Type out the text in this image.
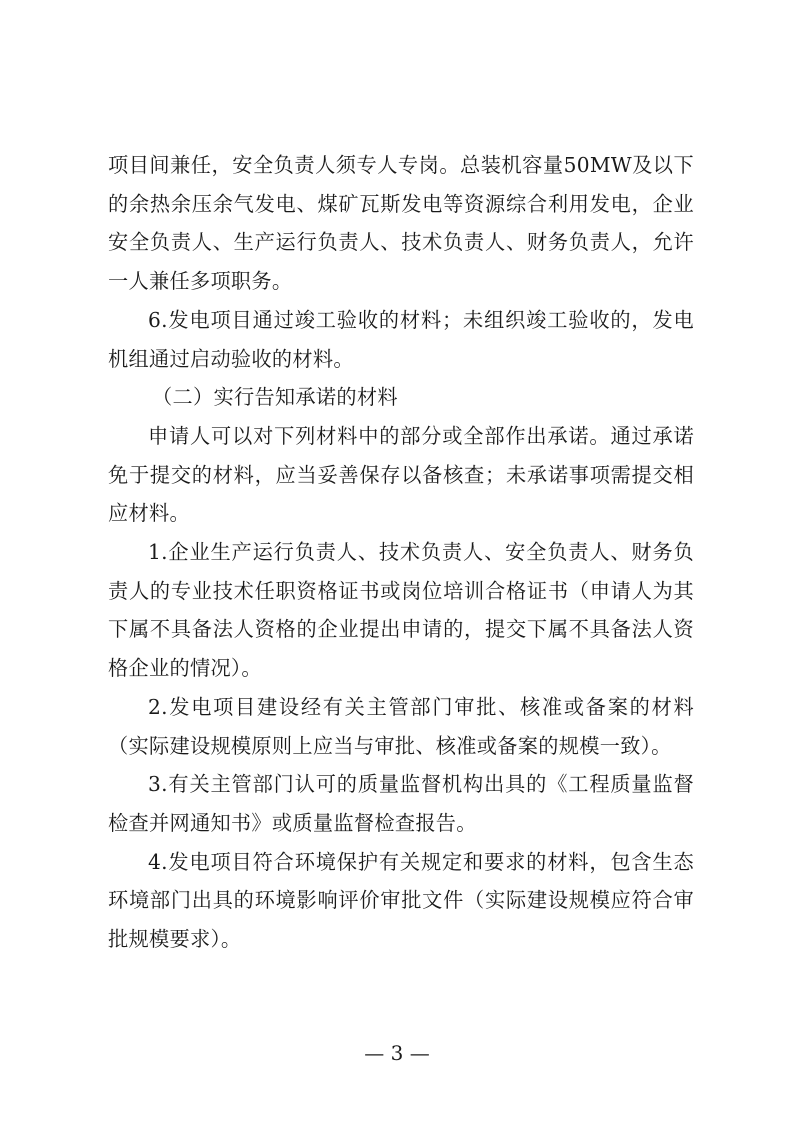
项目间兼任，安全负责人须专人专岗。总装机容量50MW及以下的余热余压余气发电、煤矿瓦斯发电等资源综合利用发电，企业安全负责人、生产运行负责人、技术负责人、财务负责人，允许一人兼任多项职务。

6.发电项目通过竣工验收的材料；未组织竣工验收的，发电机组通过启动验收的材料。

（二）实行告知承诺的材料

申请人可以对下列材料中的部分或全部作出承诺。通过承诺免于提交的材料，应当妥善保存以备核查；未承诺事项需提交相应材料。

1.企业生产运行负责人、技术负责人、安全负责人、财务负责人的专业技术任职资格证书或岗位培训合格证书（申请人为其下属不具备法人资格的企业提出申请的，提交下属不具备法人资格企业的情况）。

2.发电项目建设经有关主管部门审批、核准或备案的材料（实际建设规模原则上应当与审批、核准或备案的规模一致）。

3.有关主管部门认可的质量监督机构出具的《工程质量监督检查并网通知书》或质量监督检查报告。

4.发电项目符合环境保护有关规定和要求的材料，包含生态环境部门出具的环境影响评价审批文件（实际建设规模应符合审批规模要求）。

— 3 —
